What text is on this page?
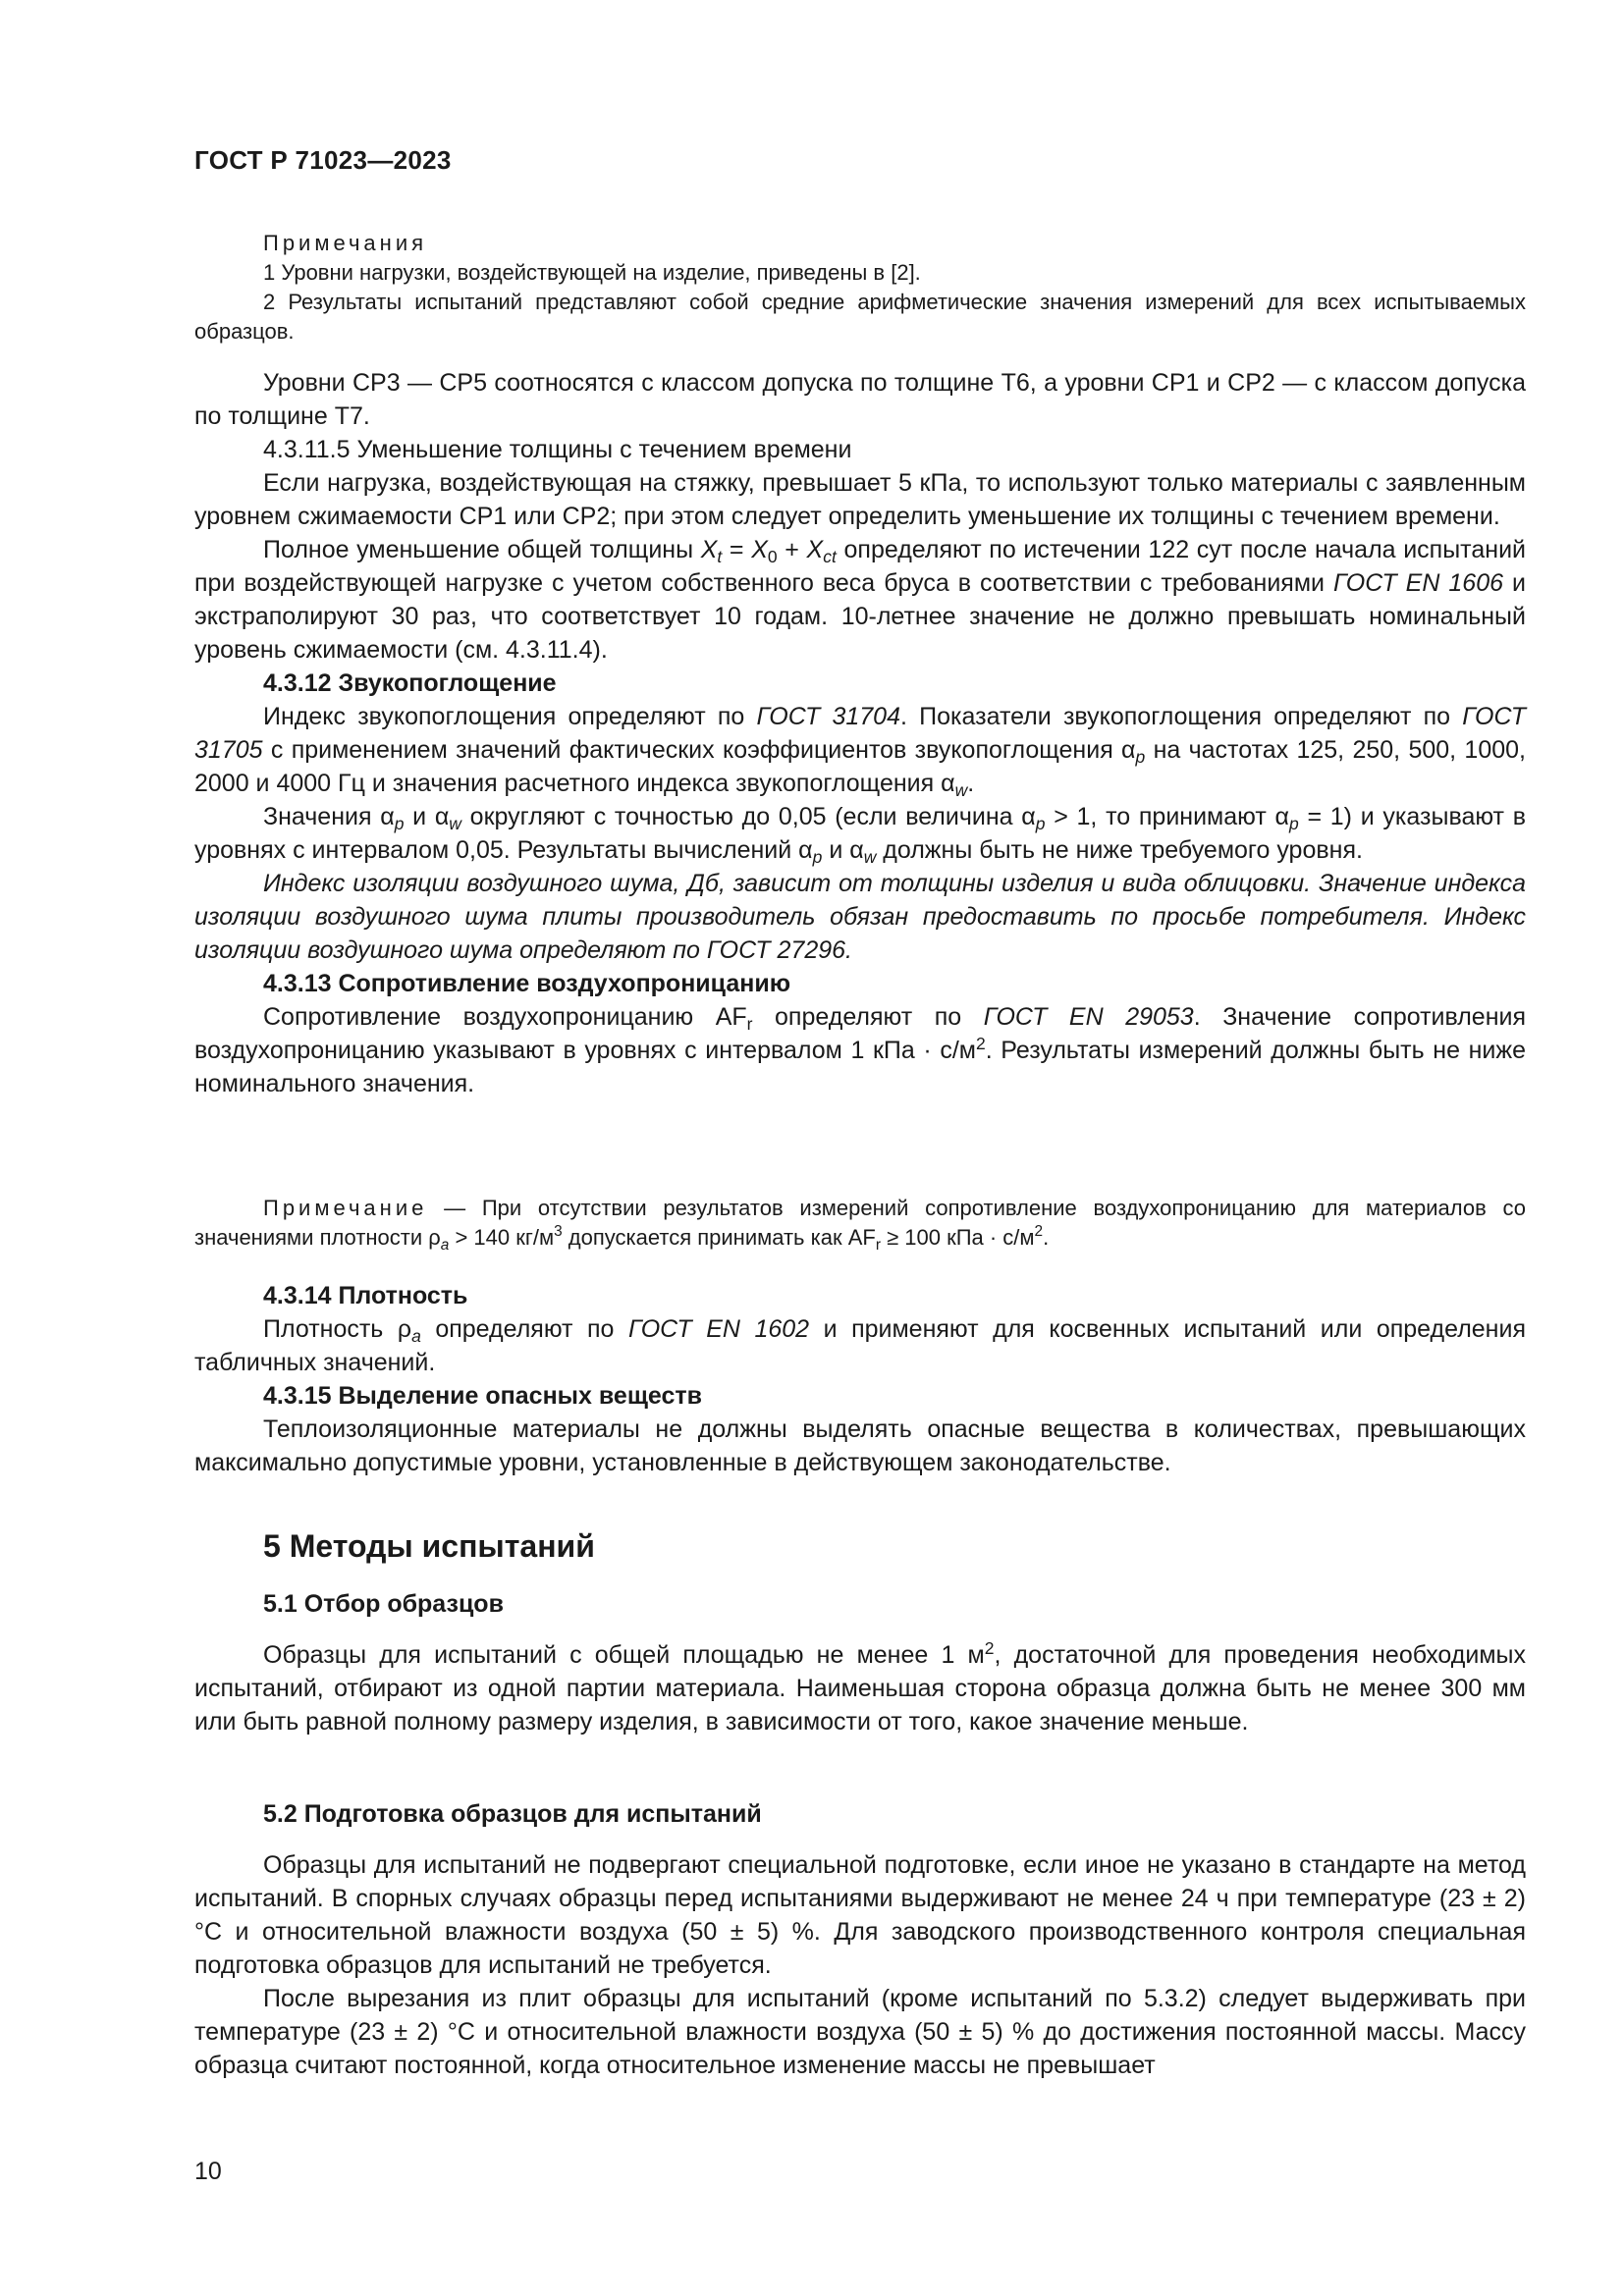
ГОСТ Р 71023—2023

Примечания

1 Уровни нагрузки, воздействующей на изделие, приведены в [2].

2 Результаты испытаний представляют собой средние арифметические значения измерений для всех испытываемых образцов.

Уровни CP3 — CP5 соотносятся с классом допуска по толщине T6, а уровни CP1 и CP2 — с классом допуска по толщине T7.

4.3.11.5 Уменьшение толщины с течением времени

Если нагрузка, воздействующая на стяжку, превышает 5 кПа, то используют только материалы с заявленным уровнем сжимаемости CP1 или CP2; при этом следует определить уменьшение их толщины с течением времени.

Полное уменьшение общей толщины $X_t = X_0 + X_{ct}$ определяют по истечении 122 сут после начала испытаний при воздействующей нагрузке с учетом собственного веса бруса в соответствии с требованиями ГОСТ EN 1606 и экстраполируют 30 раз, что соответствует 10 годам. 10-летнее значение не должно превышать номинальный уровень сжимаемости (см. 4.3.11.4).

4.3.12 Звукопоглощение

Индекс звукопоглощения определяют по ГОСТ 31704. Показатели звукопоглощения определяют по ГОСТ 31705 с применением значений фактических коэффициентов звукопоглощения $\alpha_p$ на частотах 125, 250, 500, 1000, 2000 и 4000 Гц и значения расчетного индекса звукопоглощения $\alpha_w$.

Значения $\alpha_p$ и $\alpha_w$ округляют с точностью до 0,05 (если величина $\alpha_p > 1$, то принимают $\alpha_p = 1$) и указывают в уровнях с интервалом 0,05. Результаты вычислений $\alpha_p$ и $\alpha_w$ должны быть не ниже требуемого уровня.

Индекс изоляции воздушного шума, Дб, зависит от толщины изделия и вида облицовки. Значение индекса изоляции воздушного шума плиты производитель обязан предоставить по просьбе потребителя. Индекс изоляции воздушного шума определяют по ГОСТ 27296.

4.3.13 Сопротивление воздухопроницанию

Сопротивление воздухопроницанию $AF_r$ определяют по ГОСТ EN 29053. Значение сопротивления воздухопроницанию указывают в уровнях с интервалом 1 кПа · $с/м^2$. Результаты измерений должны быть не ниже номинального значения.

Примечание — При отсутствии результатов измерений сопротивление воздухопроницанию для материалов со значениями плотности $\rho_a > 140$ $кг/м^3$ допускается принимать как $AF_r \ge 100$ кПа · $с/м^2$.

4.3.14 Плотность

Плотность $\rho_a$ определяют по ГОСТ EN 1602 и применяют для косвенных испытаний или определения табличных значений.

4.3.15 Выделение опасных веществ

Теплоизоляционные материалы не должны выделять опасные вещества в количествах, превышающих максимально допустимые уровни, установленные в действующем законодательстве.

5 Методы испытаний
5.1 Отбор образцов

Образцы для испытаний с общей площадью не менее 1 $м^2$, достаточной для проведения необходимых испытаний, отбирают из одной партии материала. Наименьшая сторона образца должна быть не менее 300 мм или быть равной полному размеру изделия, в зависимости от того, какое значение меньше.

5.2 Подготовка образцов для испытаний

Образцы для испытаний не подвергают специальной подготовке, если иное не указано в стандарте на метод испытаний. В спорных случаях образцы перед испытаниями выдерживают не менее 24 ч при температуре (23 ± 2) °C и относительной влажности воздуха (50 ± 5) %. Для заводского производственного контроля специальная подготовка образцов для испытаний не требуется.

После вырезания из плит образцы для испытаний (кроме испытаний по 5.3.2) следует выдерживать при температуре (23 ± 2) °C и относительной влажности воздуха (50 ± 5) % до достижения постоянной массы. Массу образца считают постоянной, когда относительное изменение массы не превышает

10
